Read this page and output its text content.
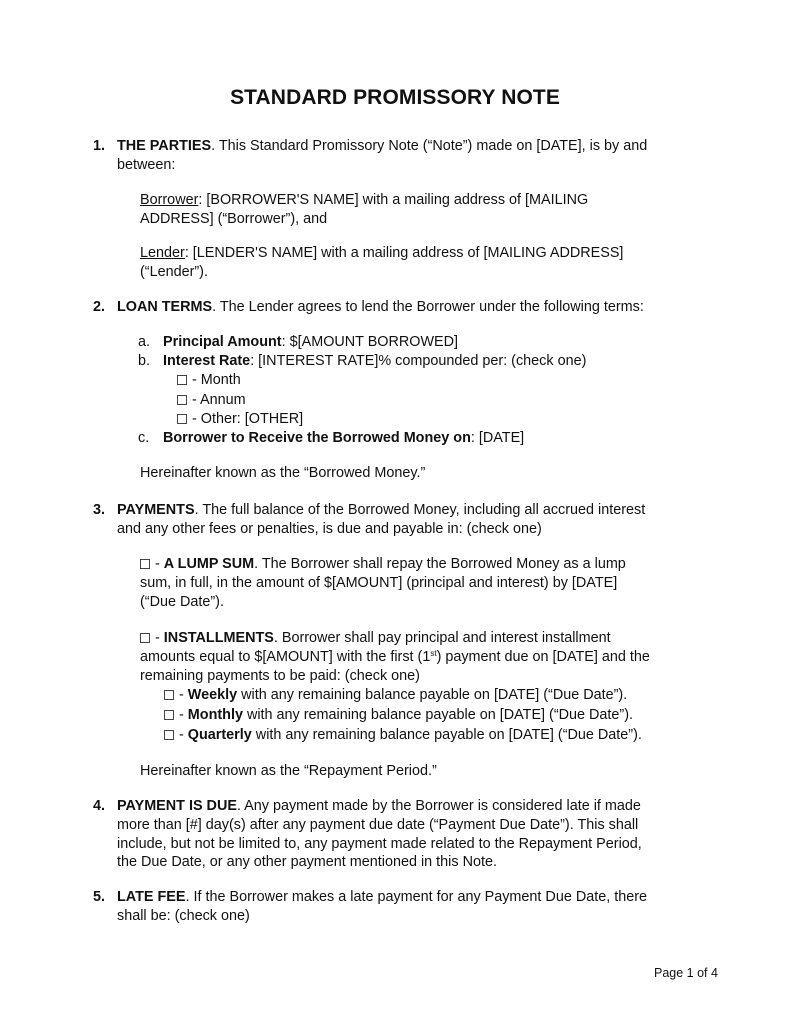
STANDARD PROMISSORY NOTE
1. THE PARTIES. This Standard Promissory Note (“Note”) made on [DATE], is by and
between:
Borrower: [BORROWER'S NAME] with a mailing address of [MAILING
ADDRESS] (“Borrower”), and
Lender: [LENDER'S NAME] with a mailing address of [MAILING ADDRESS]
(“Lender”).
2. LOAN TERMS. The Lender agrees to lend the Borrower under the following terms:
a. Principal Amount: $[AMOUNT BORROWED]
b. Interest Rate: [INTEREST RATE]% compounded per: (check one)
- Month
- Annum
- Other: [OTHER]
c. Borrower to Receive the Borrowed Money on: [DATE]
Hereinafter known as the “Borrowed Money.”
3. PAYMENTS. The full balance of the Borrowed Money, including all accrued interest
and any other fees or penalties, is due and payable in: (check one)
- A LUMP SUM. The Borrower shall repay the Borrowed Money as a lump
sum, in full, in the amount of $[AMOUNT] (principal and interest) by [DATE]
(“Due Date”).
- INSTALLMENTS. Borrower shall pay principal and interest installment
amounts equal to $[AMOUNT] with the first (1st) payment due on [DATE] and the
remaining payments to be paid: (check one)
- Weekly with any remaining balance payable on [DATE] (“Due Date”).
- Monthly with any remaining balance payable on [DATE] (“Due Date”).
- Quarterly with any remaining balance payable on [DATE] (“Due Date”).
Hereinafter known as the “Repayment Period.”
4. PAYMENT IS DUE. Any payment made by the Borrower is considered late if made
more than [#] day(s) after any payment due date (“Payment Due Date”). This shall
include, but not be limited to, any payment made related to the Repayment Period,
the Due Date, or any other payment mentioned in this Note.
5. LATE FEE. If the Borrower makes a late payment for any Payment Due Date, there
shall be: (check one)
Page 1 of 4
